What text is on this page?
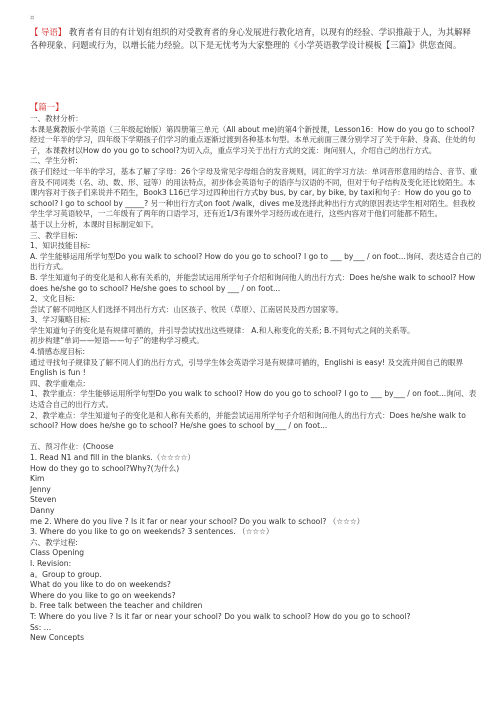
¤
【 导语】 教育者有目的有计划有组织的对受教育者的身心发展进行教化培育，以现有的经验、学识推敲于人，为其解释各种现象、问题或行为，以增长能力经验。以下是无忧考为大家整理的《小学英语教学设计模板【三篇】》供您查阅。
【篇一】
一、教材分析：
本课是冀教版小学英语（三年级起始版）第四册第三单元（All about me)的第4个新授课，Lesson16：How do you go to school? 经过一年半的学习，四年级下学期孩子们学习的重点逐渐过渡到各种基本句型。本单元前面三课分别学习了关于年龄、身高、住处的句子，本课教材以How do you go to school?为切入点，重点学习关于出行方式的交流：询问别人，介绍自己的出行方式。
二、学生分析:
孩子们经过一年半的学习，基本了解了字母：26个字母及常见字母组合的发音规则，词汇的学习方法：单词音形意用的结合、音节、重音及不同词类（名、动、数、形、冠等）的用法特点，初步体会英语句子的语序与汉语的不同，但对于句子结构及变化还比较陌生。本课内容对于孩子们来说并不陌生，Book3 L16已学习过四种出行方式by bus, by car, by bike, by taxi和句子：How do you go to school? I go to school by _____? 另一种出行方式on foot /walk，dives me及选择此种出行方式的原因表达学生相对陌生。但我校学生学习英语较早，一二年级有了两年的口语学习，还有近1/3有课外学习经历或在进行，这些内容对于他们可能都不陌生。
基于以上分析，本课时目标制定如下。
三、教学目标:
1、知识技能目标:
A. 学生能够运用所学句型Do you walk to school? How do you go to school? I go to ___ by___ / on foot...询问、表达适合自己的出行方式。
B. 学生知道句子的变化是和人称有关系的，并能尝试运用所学句子介绍和询问他人的出行方式：Does he/she walk to school? How does he/she go to school? He/she goes to school by ___ / on foot...
2、文化目标:
尝试了解不同地区人们选择不同出行方式：山区孩子、牧民（草原）、江南居民及西方国家等。
3、学习策略目标:
学生知道句子的变化是有规律可循的，并引导尝试找出这些规律： A.和人称变化的关系; B.不同句式之间的关系等。
初步构建“单词——短语——句子”的建构学习模式。
4.情感态度目标:
通过寻找句子规律及了解不同人们的出行方式，引导学生体会英语学习是有规律可循的，Englishi is easy! 及交流并阅自己的眼界English is fun !
四、教学重难点:
1、教学重点：学生能够运用所学句型Do you walk to school? How do you go to school? I go to ___ by___ / on foot...询问、表达适合自己的出行方式。
2、教学难点：学生知道句子的变化是和人称有关系的，并能尝试运用所学句子介绍和询问他人的出行方式：Does he/she walk to school? How does he/she go to school? He/she goes to school by___ / on foot...
五、预习作业：(Choose
1. Read N1 and fill in the blanks.（☆☆☆☆）
How do they go to school?Why?(为什么)
Kim
Jenny
Steven
Danny
me 2. Where do you live ? Is it far or near your school? Do you walk to school? （☆☆☆）
3. Where do you like to go on weekends? 3 sentences. （☆☆☆）
六、教学过程:
Class Opening
I. Revision:
a。Group to group.
What do you like to do on weekends?
Where do you like to go on weekends?
b. Free talk between the teacher and children
T: Where do you live ? Is it far or near your school? Do you walk to school? How do you go to school?
Ss: …
New Concepts
